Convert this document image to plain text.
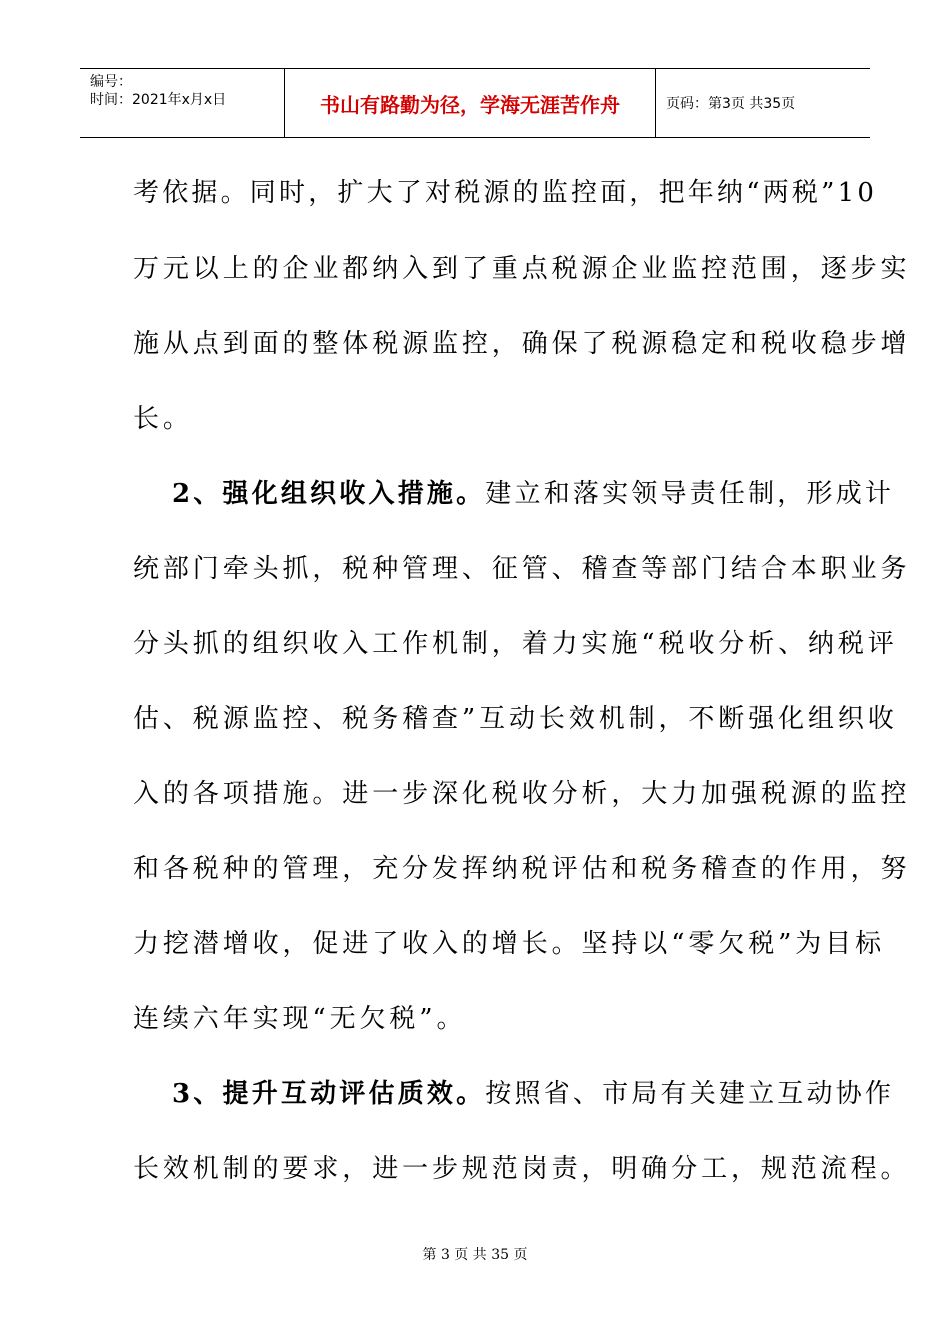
编号：
时间：2021年x月x日	书山有路勤为径，学海无涯苦作舟	页码：第3页 共35页
考依据。同时，扩大了对税源的监控面，把年纳“两税”10
万元以上的企业都纳入到了重点税源企业监控范围，逐步实
施从点到面的整体税源监控，确保了税源稳定和税收稳步增
长。
2、强化组织收入措施。建立和落实领导责任制，形成计
统部门牵头抓，税种管理、征管、稽查等部门结合本职业务
分头抓的组织收入工作机制，着力实施“税收分析、纳税评
估、税源监控、税务稽查”互动长效机制，不断强化组织收
入的各项措施。进一步深化税收分析，大力加强税源的监控
和各税种的管理，充分发挥纳税评估和税务稽查的作用，努
力挖潜增收，促进了收入的增长。坚持以“零欠税”为目标
连续六年实现“无欠税”。
3、提升互动评估质效。按照省、市局有关建立互动协作
长效机制的要求，进一步规范岗责，明确分工，规范流程。
第 3 页 共 35 页
